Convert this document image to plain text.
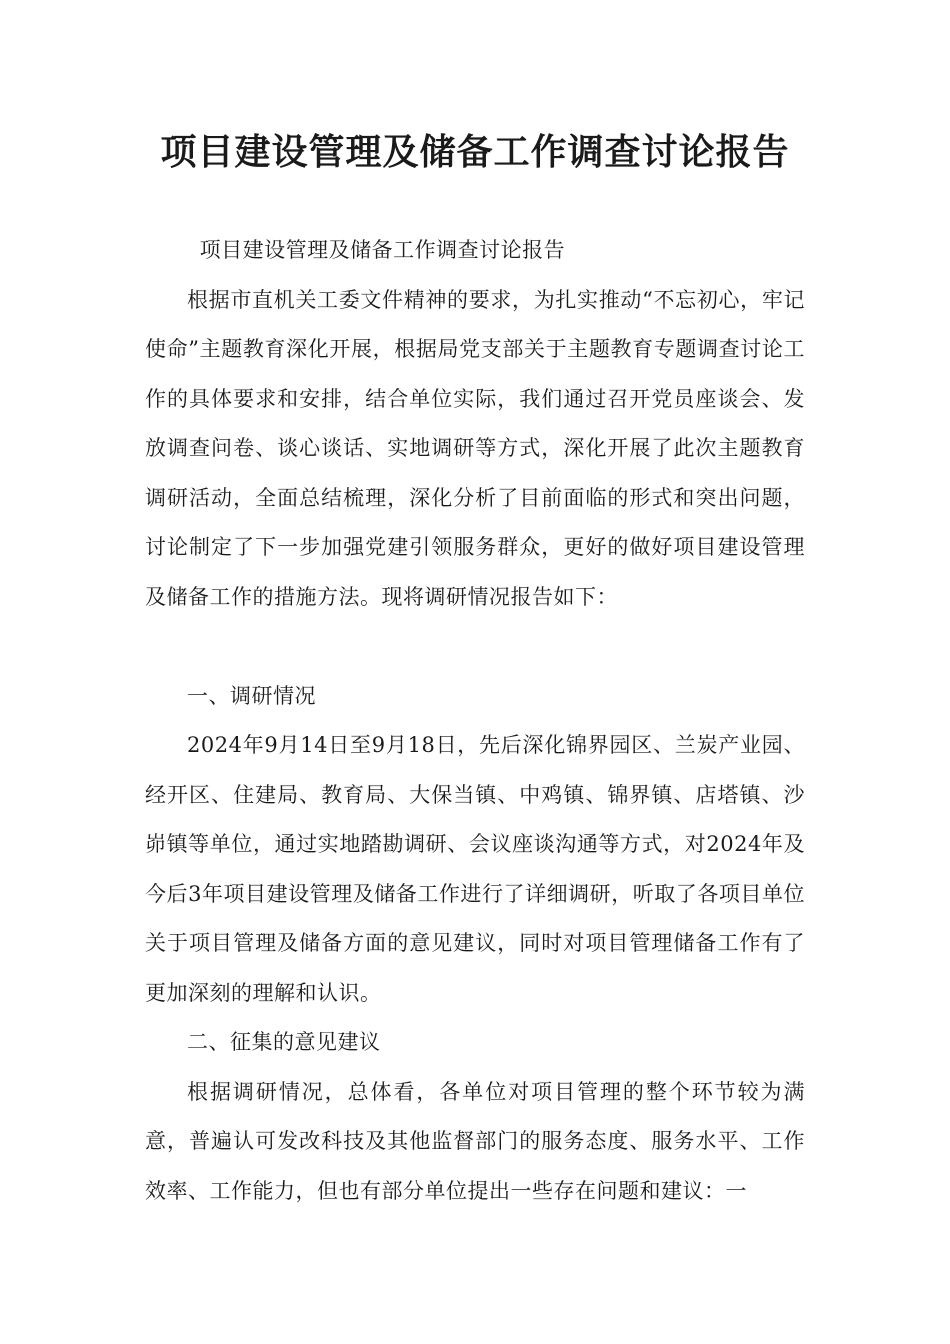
项目建设管理及储备工作调查讨论报告

项目建设管理及储备工作调查讨论报告

根据市直机关工委文件精神的要求，为扎实推动“不忘初心，牢记使命”主题教育深化开展，根据局党支部关于主题教育专题调查讨论工作的具体要求和安排，结合单位实际，我们通过召开党员座谈会、发放调查问卷、谈心谈话、实地调研等方式，深化开展了此次主题教育调研活动，全面总结梳理，深化分析了目前面临的形式和突出问题，讨论制定了下一步加强党建引领服务群众，更好的做好项目建设管理及储备工作的措施方法。现将调研情况报告如下：

一、调研情况

2024年9月14日至9月18日，先后深化锦界园区、兰炭产业园、经开区、住建局、教育局、大保当镇、中鸡镇、锦界镇、店塔镇、沙峁镇等单位，通过实地踏勘调研、会议座谈沟通等方式，对2024年及今后3年项目建设管理及储备工作进行了详细调研，听取了各项目单位关于项目管理及储备方面的意见建议，同时对项目管理储备工作有了更加深刻的理解和认识。

二、征集的意见建议

根据调研情况，总体看，各单位对项目管理的整个环节较为满意，普遍认可发改科技及其他监督部门的服务态度、服务水平、工作效率、工作能力，但也有部分单位提出一些存在问题和建议：一
